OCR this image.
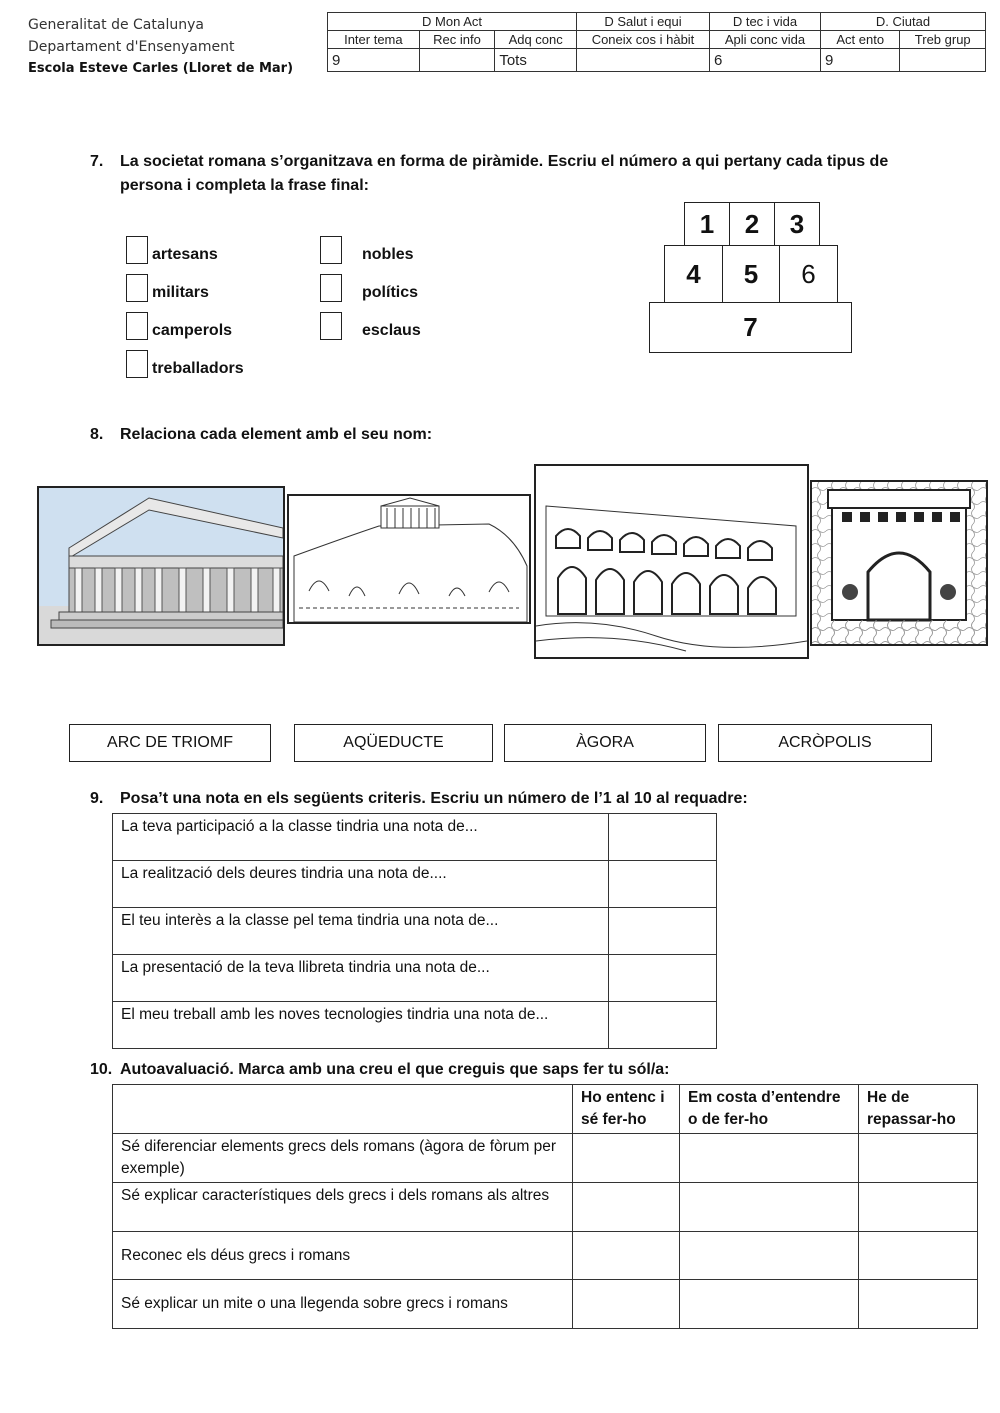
Generalitat de Catalunya
Departament d'Ensenyament
Escola Esteve Carles (Lloret de Mar)
D Mon Act			D Salut i equi	D tec i vida	D. Ciutad	
Inter tema	Rec info	Adq conc	Coneix cos i hàbit	Apli conc vida	Act ento	Treb grup
9		Tots		6	9	
7. La societat romana s’organitzava en forma de piràmide. Escriu el número a qui pertany cada tipus de
persona i completa la frase final:
artesans
militars
camperols
treballadors
nobles
polítics
esclaus
1	2	3
4	5	6
7
8. Relaciona cada element amb el seu nom:
ARC DE TRIOMF	AQÜEDUCTE	ÀGORA	ACRÒPOLIS
9. Posa’t una nota en els següents criteris. Escriu un número de l’1 al 10 al requadre:
La teva participació a la classe tindria una nota de...	
La realització dels deures tindria una nota de....	
El teu interès a la classe pel tema tindria una nota de...	
La presentació de la teva llibreta tindria una nota de...	
El meu treball amb les noves tecnologies tindria una nota de...	
10. Autoavaluació. Marca amb una creu el que creguis que saps fer tu sól/a:
	Ho entenc i sé fer-ho	Em costa d’entendre o de fer-ho	He de repassar-ho
Sé diferenciar elements grecs dels romans (àgora de fòrum per exemple)			
Sé explicar característiques dels grecs i dels romans als altres			
Reconec els déus grecs i romans			
Sé explicar un mite o una llegenda sobre grecs i romans			
